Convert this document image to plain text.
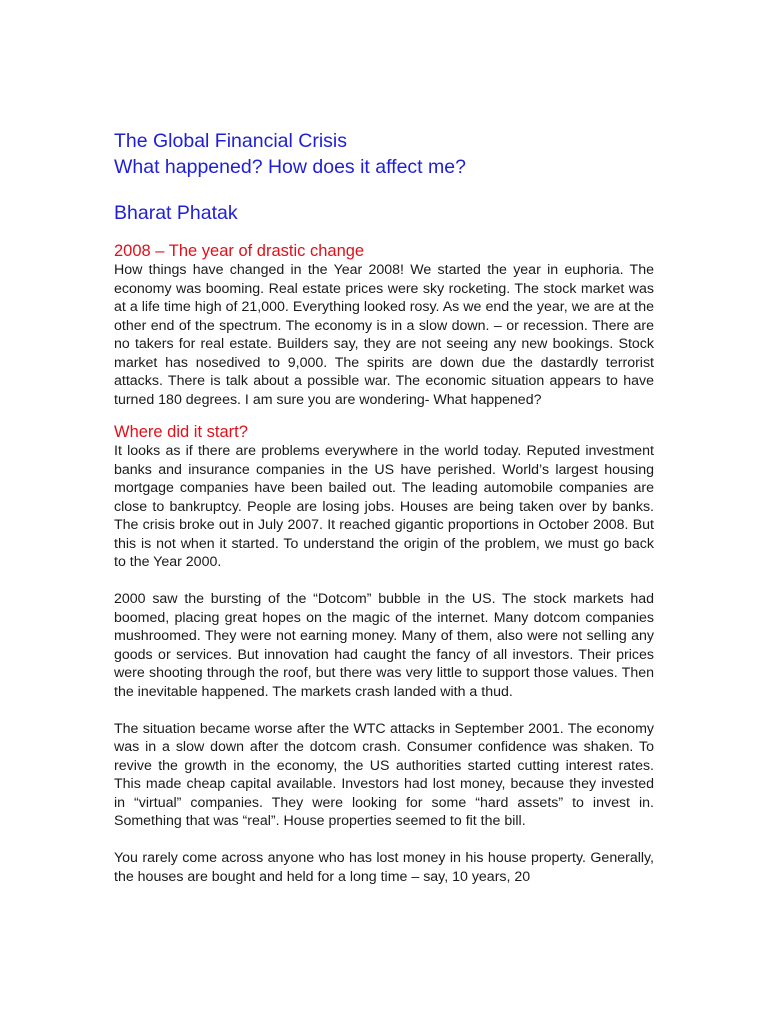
The Global Financial Crisis
What happened? How does it affect me?
Bharat Phatak
2008 – The year of drastic change

How things have changed in the Year 2008! We started the year in euphoria. The economy was booming. Real estate prices were sky rocketing. The stock market was at a life time high of 21,000. Everything looked rosy. As we end the year, we are at the other end of the spectrum. The economy is in a slow down. – or recession. There are no takers for real estate. Builders say, they are not seeing any new bookings. Stock market has nosedived to 9,000. The spirits are down due the dastardly terrorist attacks. There is talk about a possible war. The economic situation appears to have turned 180 degrees. I am sure you are wondering- What happened?

Where did it start?

It looks as if there are problems everywhere in the world today. Reputed investment banks and insurance companies in the US have perished. World’s largest housing mortgage companies have been bailed out. The leading automobile companies are close to bankruptcy. People are losing jobs. Houses are being taken over by banks. The crisis broke out in July 2007. It reached gigantic proportions in October 2008. But this is not when it started. To understand the origin of the problem, we must go back to the Year 2000.

2000 saw the bursting of the “Dotcom” bubble in the US. The stock markets had boomed, placing great hopes on the magic of the internet. Many dotcom companies mushroomed. They were not earning money. Many of them, also were not selling any goods or services. But innovation had caught the fancy of all investors. Their prices were shooting through the roof, but there was very little to support those values. Then the inevitable happened. The markets crash landed with a thud.

The situation became worse after the WTC attacks in September 2001. The economy was in a slow down after the dotcom crash. Consumer confidence was shaken. To revive the growth in the economy, the US authorities started cutting interest rates. This made cheap capital available. Investors had lost money, because they invested in “virtual” companies. They were looking for some “hard assets” to invest in. Something that was “real”. House properties seemed to fit the bill.

You rarely come across anyone who has lost money in his house property. Generally, the houses are bought and held for a long time – say, 10 years, 20
